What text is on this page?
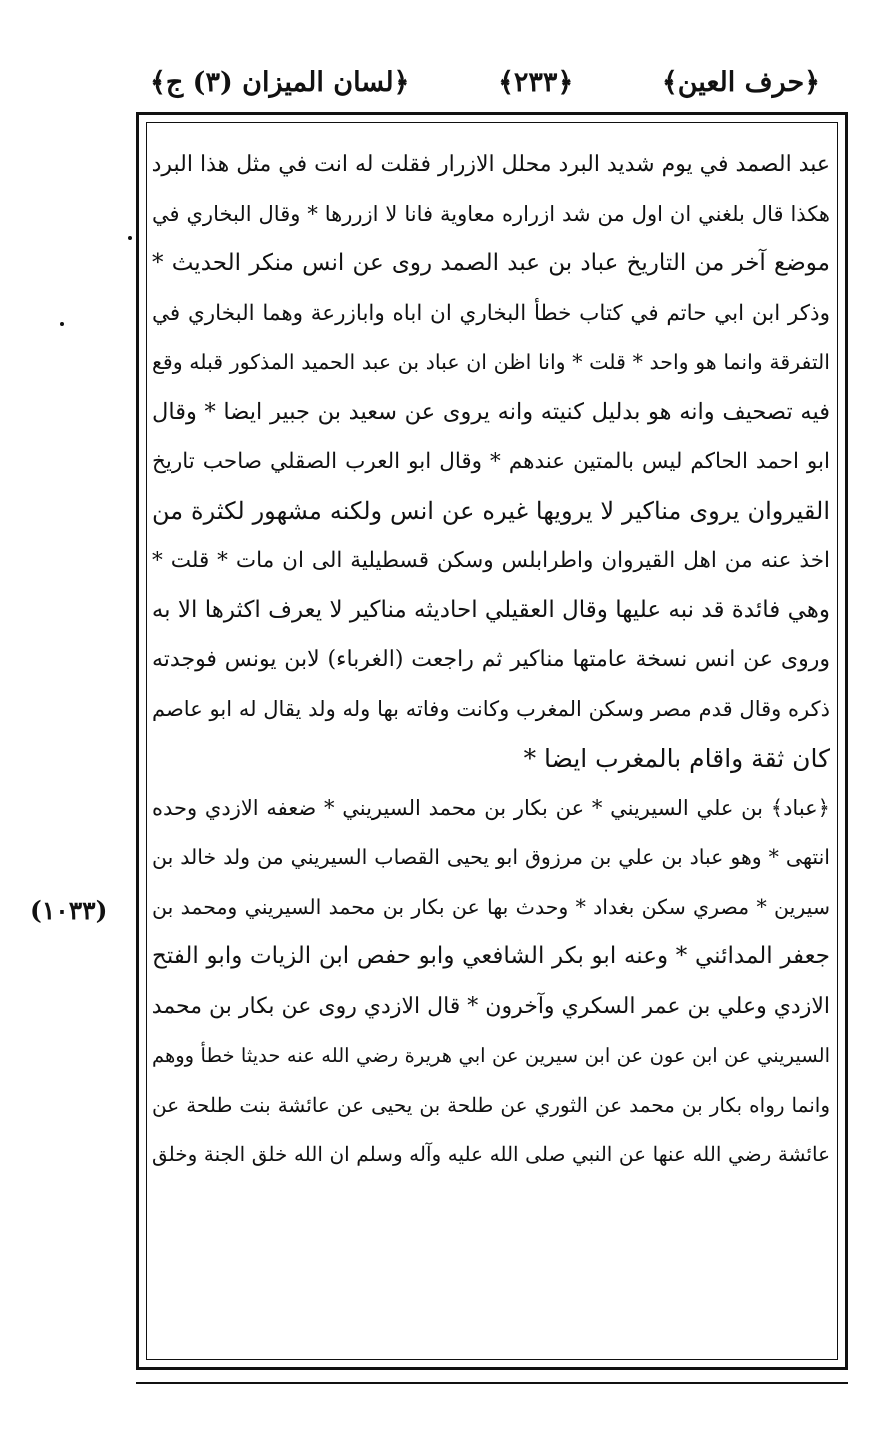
﴿حرف العين﴾
﴿٢٣٣﴾
﴿لسان الميزان (٣) ج﴾
(١٠٣٣)
عبد الصمد في يوم شديد البرد محلل الازرار فقلت له انت في مثل هذا البرد
هكذا قال بلغني ان اول من شد ازراره معاوية فانا لا ازررها * وقال البخاري في
موضع آخر من التاريخ عباد بن عبد الصمد روى عن انس منكر الحديث *
وذكر ابن ابي حاتم في كتاب خطأ البخاري ان اباه وابازرعة وهما البخاري في
التفرقة وانما هو واحد * قلت * وانا اظن ان عباد بن عبد الحميد المذكور قبله وقع
فيه تصحيف وانه هو بدليل كنيته وانه يروى عن سعيد بن جبير ايضا * وقال
ابو احمد الحاكم ليس بالمتين عندهم * وقال ابو العرب الصقلي صاحب تاريخ
القيروان يروى مناكير لا يرويها غيره عن انس ولكنه مشهور لكثرة من
اخذ عنه من اهل القيروان واطرابلس وسكن قسطيلية الى ان مات * قلت *
وهي فائدة قد نبه عليها وقال العقيلي احاديثه مناكير لا يعرف اكثرها الا به
وروى عن انس نسخة عامتها مناكير ثم راجعت (الغرباء) لابن يونس فوجدته
ذكره وقال قدم مصر وسكن المغرب وكانت وفاته بها وله ولد يقال له ابو عاصم
كان ثقة واقام بالمغرب ايضا *
﴿عباد﴾ بن علي السيريني * عن بكار بن محمد السيريني * ضعفه الازدي وحده
انتهى * وهو عباد بن علي بن مرزوق ابو يحيى القصاب السيريني من ولد خالد بن
سيرين * مصري سكن بغداد * وحدث بها عن بكار بن محمد السيريني ومحمد بن
جعفر المدائني * وعنه ابو بكر الشافعي وابو حفص ابن الزيات وابو الفتح
الازدي وعلي بن عمر السكري وآخرون * قال الازدي روى عن بكار بن محمد
السيريني عن ابن عون عن ابن سيرين عن ابي هريرة رضي الله عنه حديثا خطأ ووهم
وانما رواه بكار بن محمد عن الثوري عن طلحة بن يحيى عن عائشة بنت طلحة عن
عائشة رضي الله عنها عن النبي صلى الله عليه وآله وسلم ان الله خلق الجنة وخلق
